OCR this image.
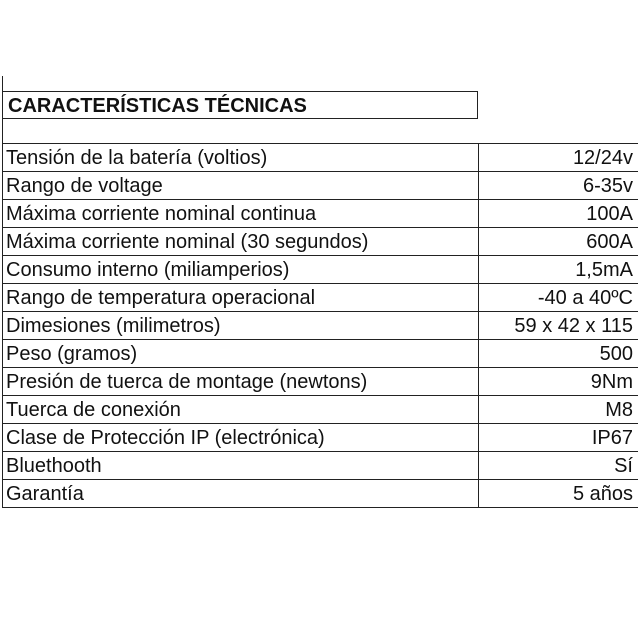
CARACTERÍSTICAS TÉCNICAS
Tensión de la batería (voltios)	12/24v
Rango de voltage	6-35v
Máxima corriente nominal continua	100A
Máxima corriente nominal (30 segundos)	600A
Consumo interno (miliamperios)	1,5mA
Rango de temperatura operacional	-40 a 40ºC
Dimesiones (milimetros)	59 x 42 x 115
Peso (gramos)	500
Presión de tuerca de montage (newtons)	9Nm
Tuerca de conexión	M8
Clase de Protección IP (electrónica)	IP67
Bluethooth	Sí
Garantía	5 años
